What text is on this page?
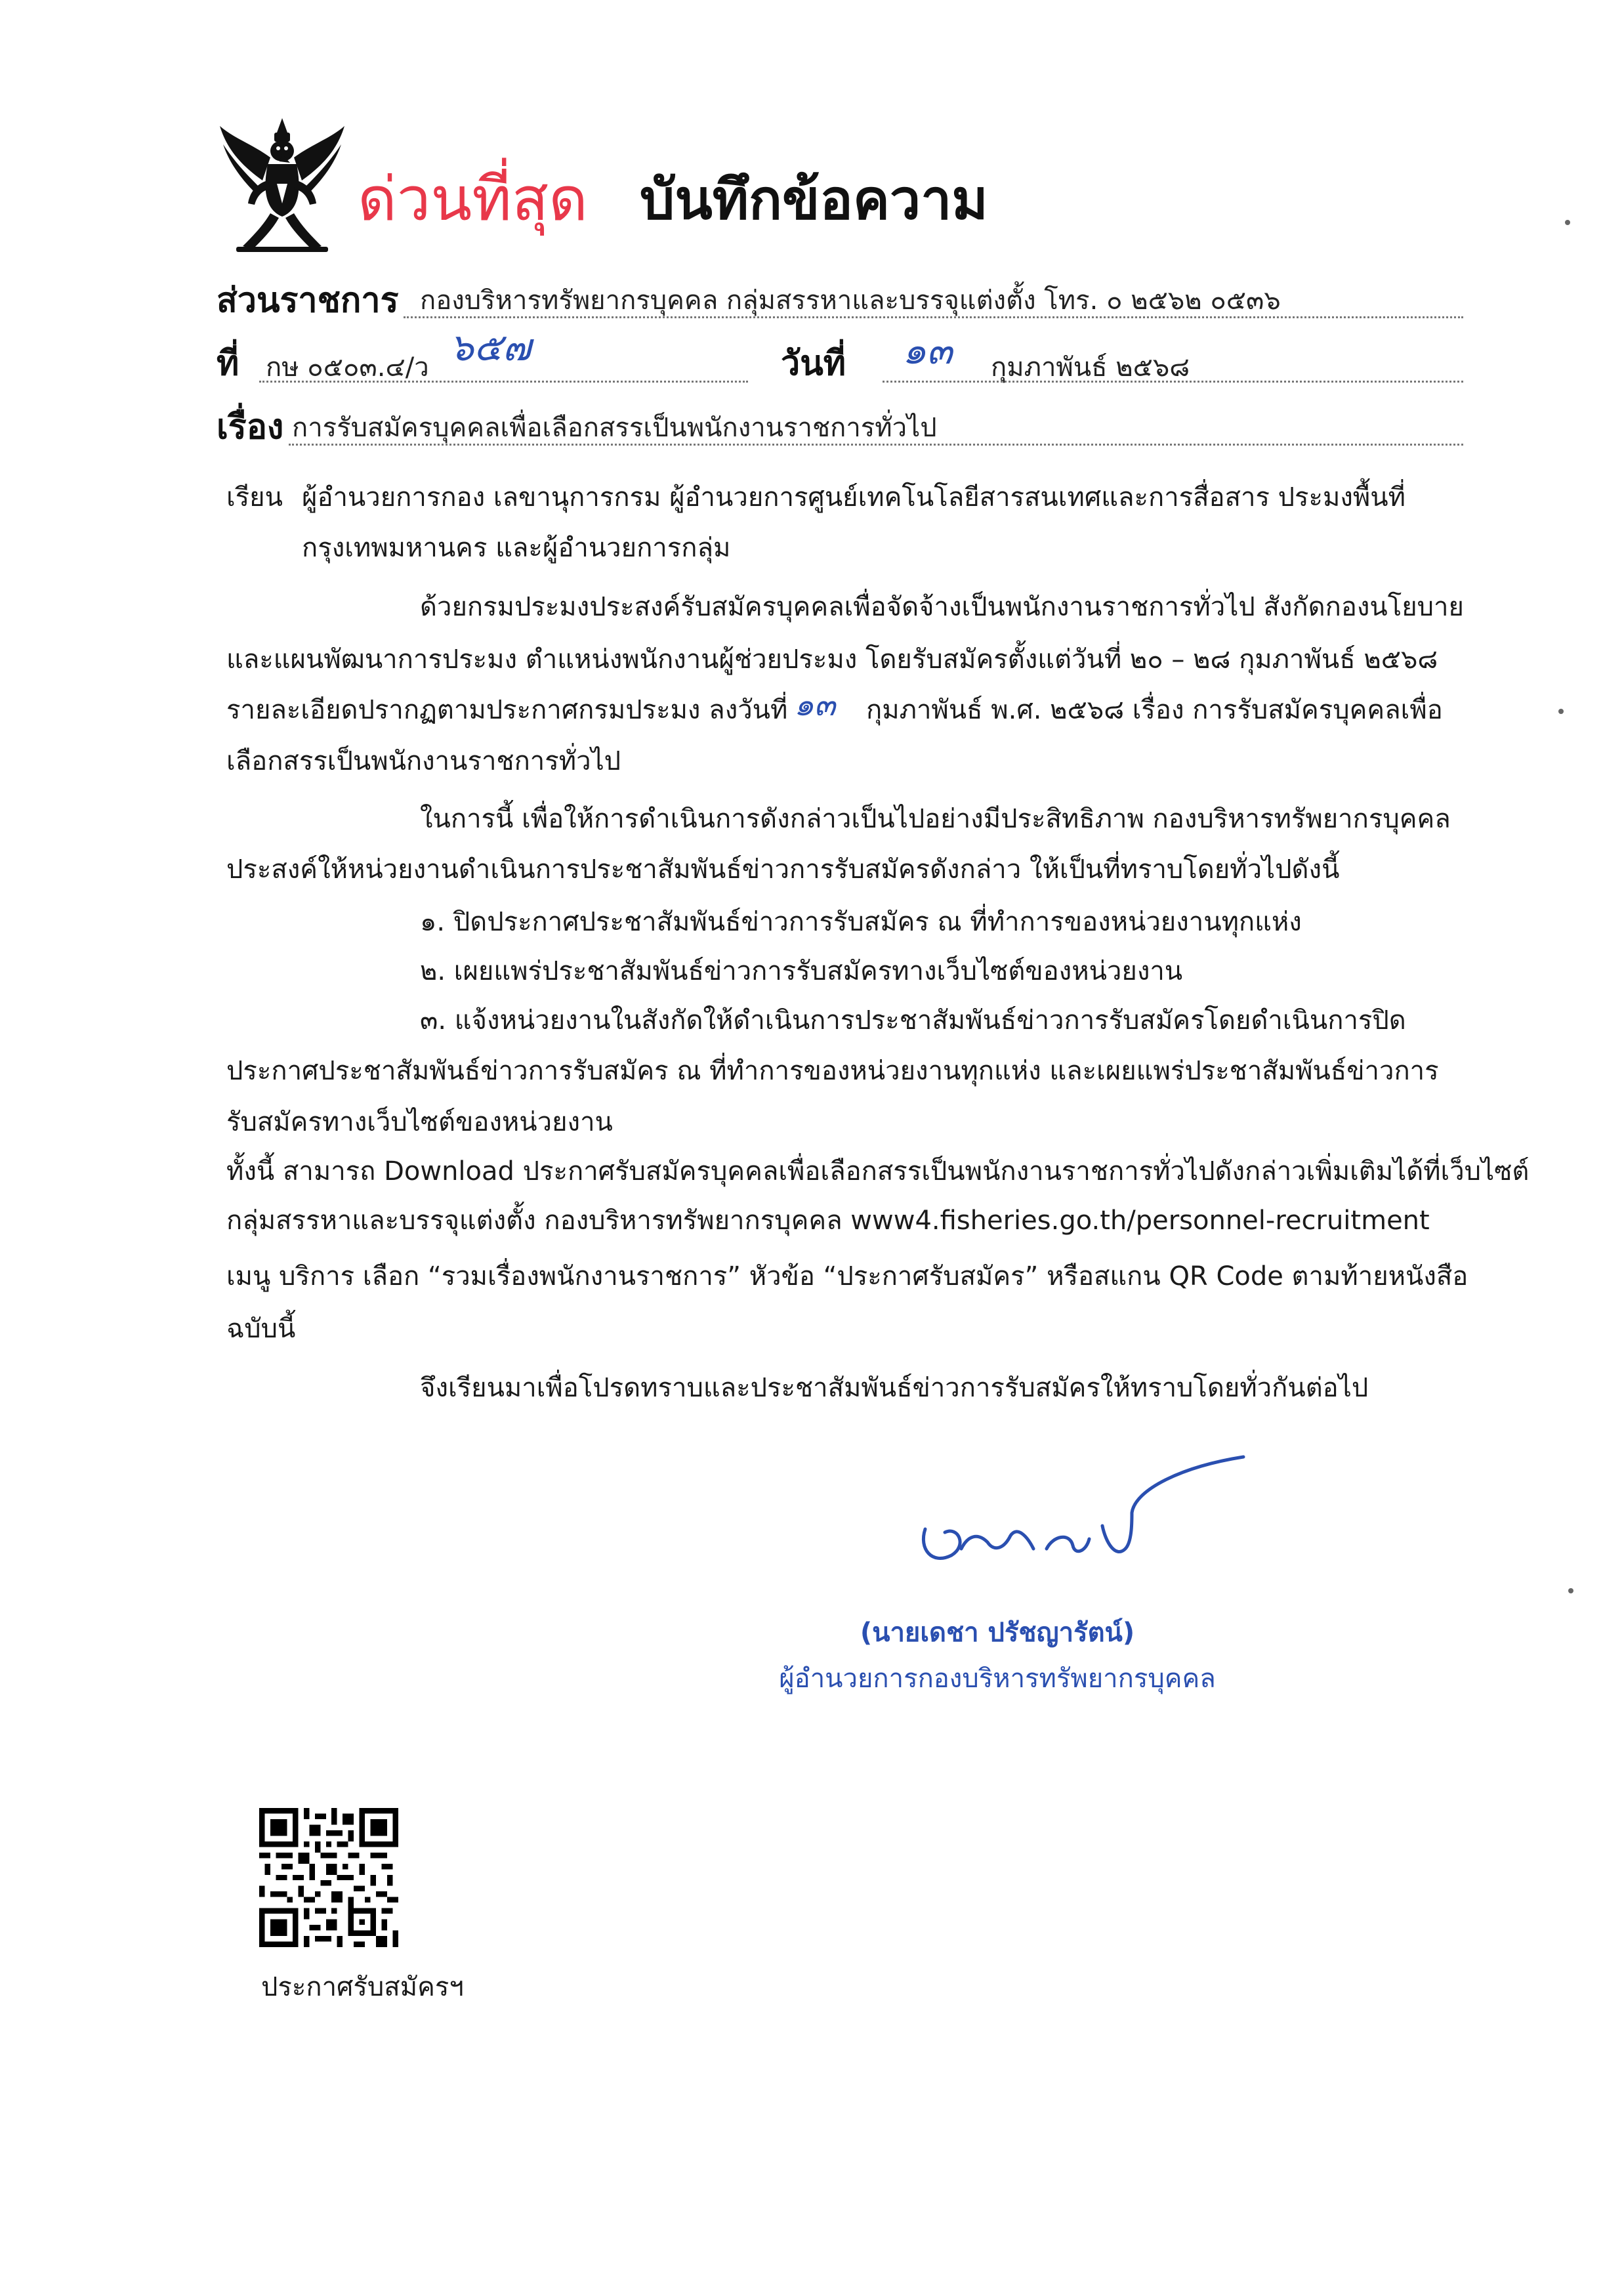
ด่วนที่สุด บันทึกข้อความ
ส่วนราชการ กองบริหารทรัพยากรบุคคล กลุ่มสรรหาและบรรจุแต่งตั้ง โทร. ๐ ๒๕๖๒ ๐๕๓๖
ที่ กษ ๐๕๐๓.๔/ว ๖๕๗	วันที่ ๑๓ กุมภาพันธ์ ๒๕๖๘
เรื่อง การรับสมัครบุคคลเพื่อเลือกสรรเป็นพนักงานราชการทั่วไป
เรียน ผู้อำนวยการกอง เลขานุการกรม ผู้อำนวยการศูนย์เทคโนโลยีสารสนเทศและการสื่อสาร ประมงพื้นที่
กรุงเทพมหานคร และผู้อำนวยการกลุ่ม
ด้วยกรมประมงประสงค์รับสมัครบุคคลเพื่อจัดจ้างเป็นพนักงานราชการทั่วไป สังกัดกองนโยบาย
และแผนพัฒนาการประมง ตำแหน่งพนักงานผู้ช่วยประมง โดยรับสมัครตั้งแต่วันที่ ๒๐ – ๒๘ กุมภาพันธ์ ๒๕๖๘
รายละเอียดปรากฏตามประกาศกรมประมง ลงวันที่ ๑๓ กุมภาพันธ์ พ.ศ. ๒๕๖๘ เรื่อง การรับสมัครบุคคลเพื่อ
เลือกสรรเป็นพนักงานราชการทั่วไป
ในการนี้ เพื่อให้การดำเนินการดังกล่าวเป็นไปอย่างมีประสิทธิภาพ กองบริหารทรัพยากรบุคคล
ประสงค์ให้หน่วยงานดำเนินการประชาสัมพันธ์ข่าวการรับสมัครดังกล่าว ให้เป็นที่ทราบโดยทั่วไปดังนี้
๑. ปิดประกาศประชาสัมพันธ์ข่าวการรับสมัคร ณ ที่ทำการของหน่วยงานทุกแห่ง
๒. เผยแพร่ประชาสัมพันธ์ข่าวการรับสมัครทางเว็บไซต์ของหน่วยงาน
๓. แจ้งหน่วยงานในสังกัดให้ดำเนินการประชาสัมพันธ์ข่าวการรับสมัครโดยดำเนินการปิด
ประกาศประชาสัมพันธ์ข่าวการรับสมัคร ณ ที่ทำการของหน่วยงานทุกแห่ง และเผยแพร่ประชาสัมพันธ์ข่าวการ
รับสมัครทางเว็บไซต์ของหน่วยงาน
ทั้งนี้ สามารถ Download ประกาศรับสมัครบุคคลเพื่อเลือกสรรเป็นพนักงานราชการทั่วไปดังกล่าวเพิ่มเติมได้ที่เว็บไซต์
กลุ่มสรรหาและบรรจุแต่งตั้ง กองบริหารทรัพยากรบุคคล www4.fisheries.go.th/personnel-recruitment
เมนู บริการ เลือก “รวมเรื่องพนักงานราชการ” หัวข้อ “ประกาศรับสมัคร” หรือสแกน QR Code ตามท้ายหนังสือ
ฉบับนี้
จึงเรียนมาเพื่อโปรดทราบและประชาสัมพันธ์ข่าวการรับสมัครให้ทราบโดยทั่วกันต่อไป
(นายเดชา ปรัชญารัตน์)
ผู้อำนวยการกองบริหารทรัพยากรบุคคล
ประกาศรับสมัครฯ
